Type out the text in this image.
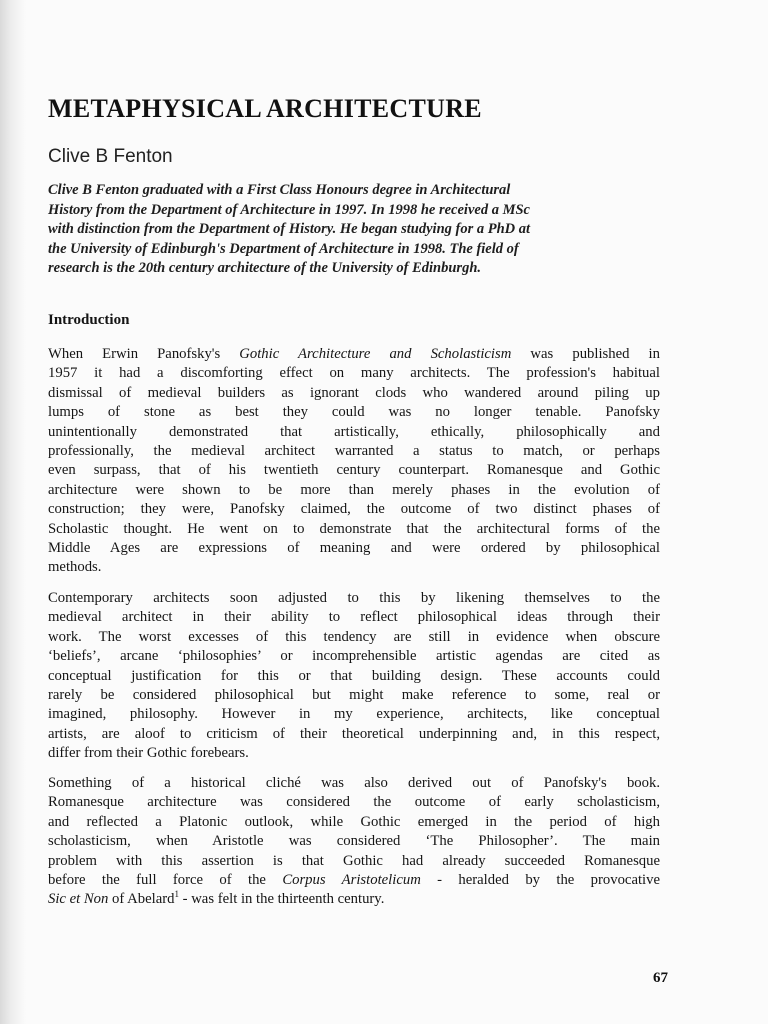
METAPHYSICAL ARCHITECTURE
Clive B Fenton
Clive B Fenton graduated with a First Class Honours degree in Architectural
History from the Department of Architecture in 1997. In 1998 he received a MSc
with distinction from the Department of History. He began studying for a PhD at
the University of Edinburgh's Department of Architecture in 1998. The field of
research is the 20th century architecture of the University of Edinburgh.
Introduction
When Erwin Panofsky's Gothic Architecture and Scholasticism was published in
1957 it had a discomforting effect on many architects. The profession's habitual
dismissal of medieval builders as ignorant clods who wandered around piling up
lumps of stone as best they could was no longer tenable. Panofsky
unintentionally demonstrated that artistically, ethically, philosophically and
professionally, the medieval architect warranted a status to match, or perhaps
even surpass, that of his twentieth century counterpart. Romanesque and Gothic
architecture were shown to be more than merely phases in the evolution of
construction; they were, Panofsky claimed, the outcome of two distinct phases of
Scholastic thought. He went on to demonstrate that the architectural forms of the
Middle Ages are expressions of meaning and were ordered by philosophical
methods.
Contemporary architects soon adjusted to this by likening themselves to the
medieval architect in their ability to reflect philosophical ideas through their
work. The worst excesses of this tendency are still in evidence when obscure
‘beliefs’, arcane ‘philosophies’ or incomprehensible artistic agendas are cited as
conceptual justification for this or that building design. These accounts could
rarely be considered philosophical but might make reference to some, real or
imagined, philosophy. However in my experience, architects, like conceptual
artists, are aloof to criticism of their theoretical underpinning and, in this respect,
differ from their Gothic forebears.
Something of a historical cliché was also derived out of Panofsky's book.
Romanesque architecture was considered the outcome of early scholasticism,
and reflected a Platonic outlook, while Gothic emerged in the period of high
scholasticism, when Aristotle was considered ‘The Philosopher’. The main
problem with this assertion is that Gothic had already succeeded Romanesque
before the full force of the Corpus Aristotelicum - heralded by the provocative
Sic et Non of Abelard$^1$ - was felt in the thirteenth century.
67
